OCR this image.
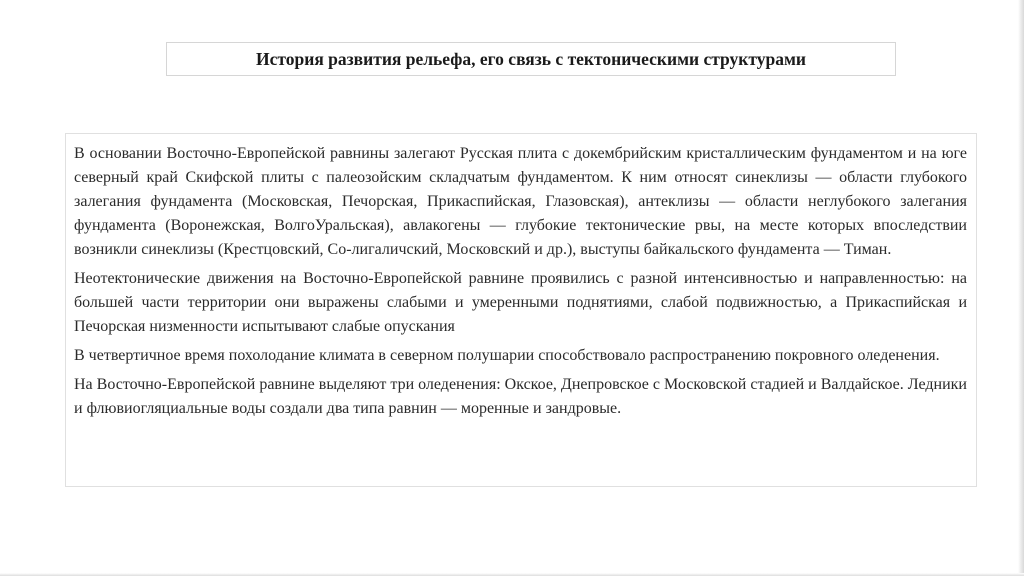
История развития рельефа, его связь с тектоническими структурами

В основании Восточно-Европейской равнины залегают Русская плита с докембрийским кристаллическим фундаментом и на юге северный край Скифской плиты с палеозойским складчатым фундаментом. К ним относят синеклизы — области глубокого залегания фундамента (Московская, Печорская, Прикаспийская, Глазовская), антеклизы — области неглубокого залегания фундамента (Воронежская, ВолгоУральская), авлакогены — глубокие тектонические рвы, на месте которых впоследствии возникли синеклизы (Крестцовский, Со-лигаличский, Московский и др.), выступы байкальского фундамента — Тиман.

Неотектонические движения на Восточно-Европейской равнине проявились с разной интенсивностью и направленностью: на большей части территории они выражены слабыми и умеренными поднятиями, слабой подвижностью, а Прикаспийская и Печорская низменности испытывают слабые опускания

В четвертичное время похолодание климата в северном полушарии способствовало распространению покровного оледенения.

На Восточно-Европейской равнине выделяют три оледенения: Окское, Днепровское с Московской стадией и Валдайское. Ледники и флювиогляциальные воды создали два типа равнин — моренные и зандровые.
